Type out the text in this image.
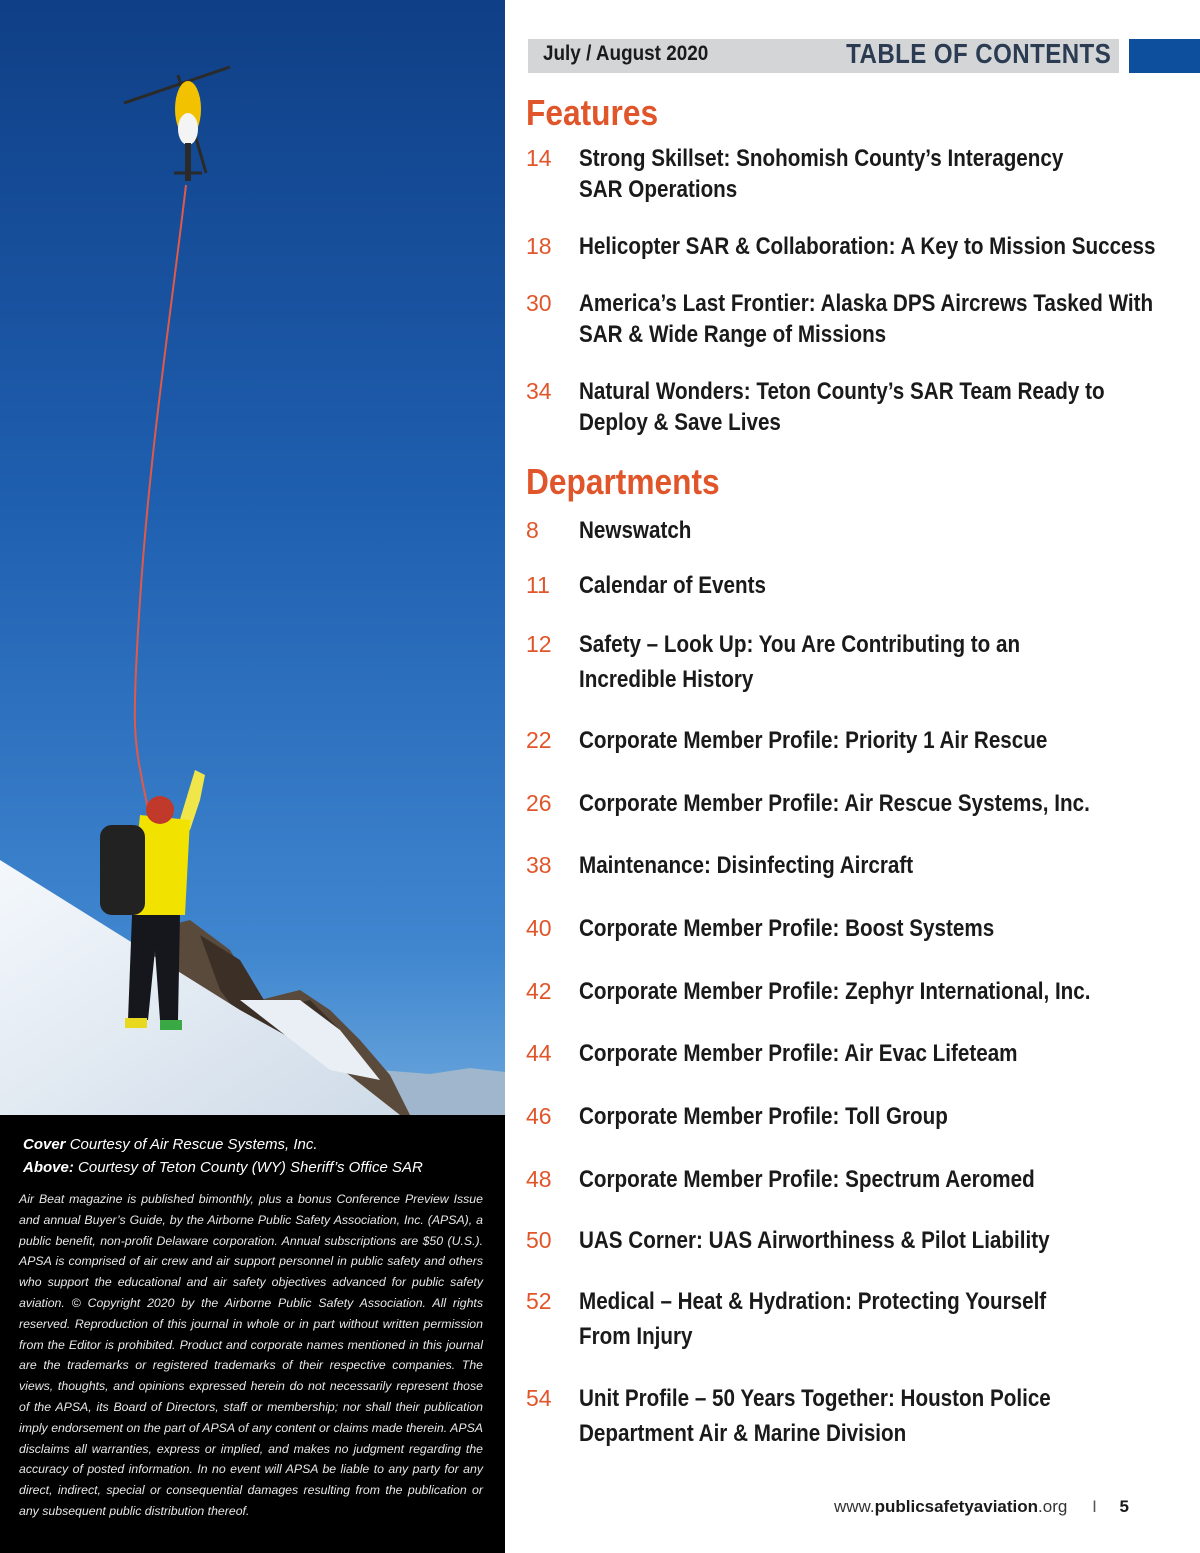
Cover Courtesy of Air Rescue Systems, Inc.
Above: Courtesy of Teton County (WY) Sheriff’s Office SAR

Air Beat magazine is published bimonthly, plus a bonus Conference Preview Issue and annual Buyer’s Guide, by the Airborne Public Safety Association, Inc. (APSA), a public benefit, non-profit Delaware corporation. Annual subscriptions are $50 (U.S.). APSA is comprised of air crew and air support personnel in public safety and others who support the educational and air safety objectives advanced for public safety aviation. © Copyright 2020 by the Airborne Public Safety Association. All rights reserved. Reproduction of this journal in whole or in part without written permission from the Editor is prohibited. Product and corporate names mentioned in this journal are the trademarks or registered trademarks of their respective companies. The views, thoughts, and opinions expressed herein do not necessarily represent those of the APSA, its Board of Directors, staff or membership; nor shall their publication imply endorsement on the part of APSA of any content or claims made therein. APSA disclaims all warranties, express or implied, and makes no judgment regarding the accuracy of posted information. In no event will APSA be liable to any party for any direct, indirect, special or consequential damages resulting from the publication or any subsequent public distribution thereof.

July / August 2020	TABLE OF CONTENTS
Features
14 Strong Skillset: Snohomish County’s Interagency
SAR Operations
18 Helicopter SAR & Collaboration: A Key to Mission Success
30 America’s Last Frontier: Alaska DPS Aircrews Tasked With
SAR & Wide Range of Missions
34 Natural Wonders: Teton County’s SAR Team Ready to
Deploy & Save Lives
Departments
8 Newswatch
11 Calendar of Events
12 Safety – Look Up: You Are Contributing to an
Incredible History
22 Corporate Member Profile: Priority 1 Air Rescue
26 Corporate Member Profile: Air Rescue Systems, Inc.
38 Maintenance: Disinfecting Aircraft
40 Corporate Member Profile: Boost Systems
42 Corporate Member Profile: Zephyr International, Inc.
44 Corporate Member Profile: Air Evac Lifeteam
46 Corporate Member Profile: Toll Group
48 Corporate Member Profile: Spectrum Aeromed
50 UAS Corner: UAS Airworthiness & Pilot Liability
52 Medical – Heat & Hydration: Protecting Yourself
From Injury
54 Unit Profile – 50 Years Together: Houston Police
Department Air & Marine Division
www.publicsafetyaviation.org I 5
